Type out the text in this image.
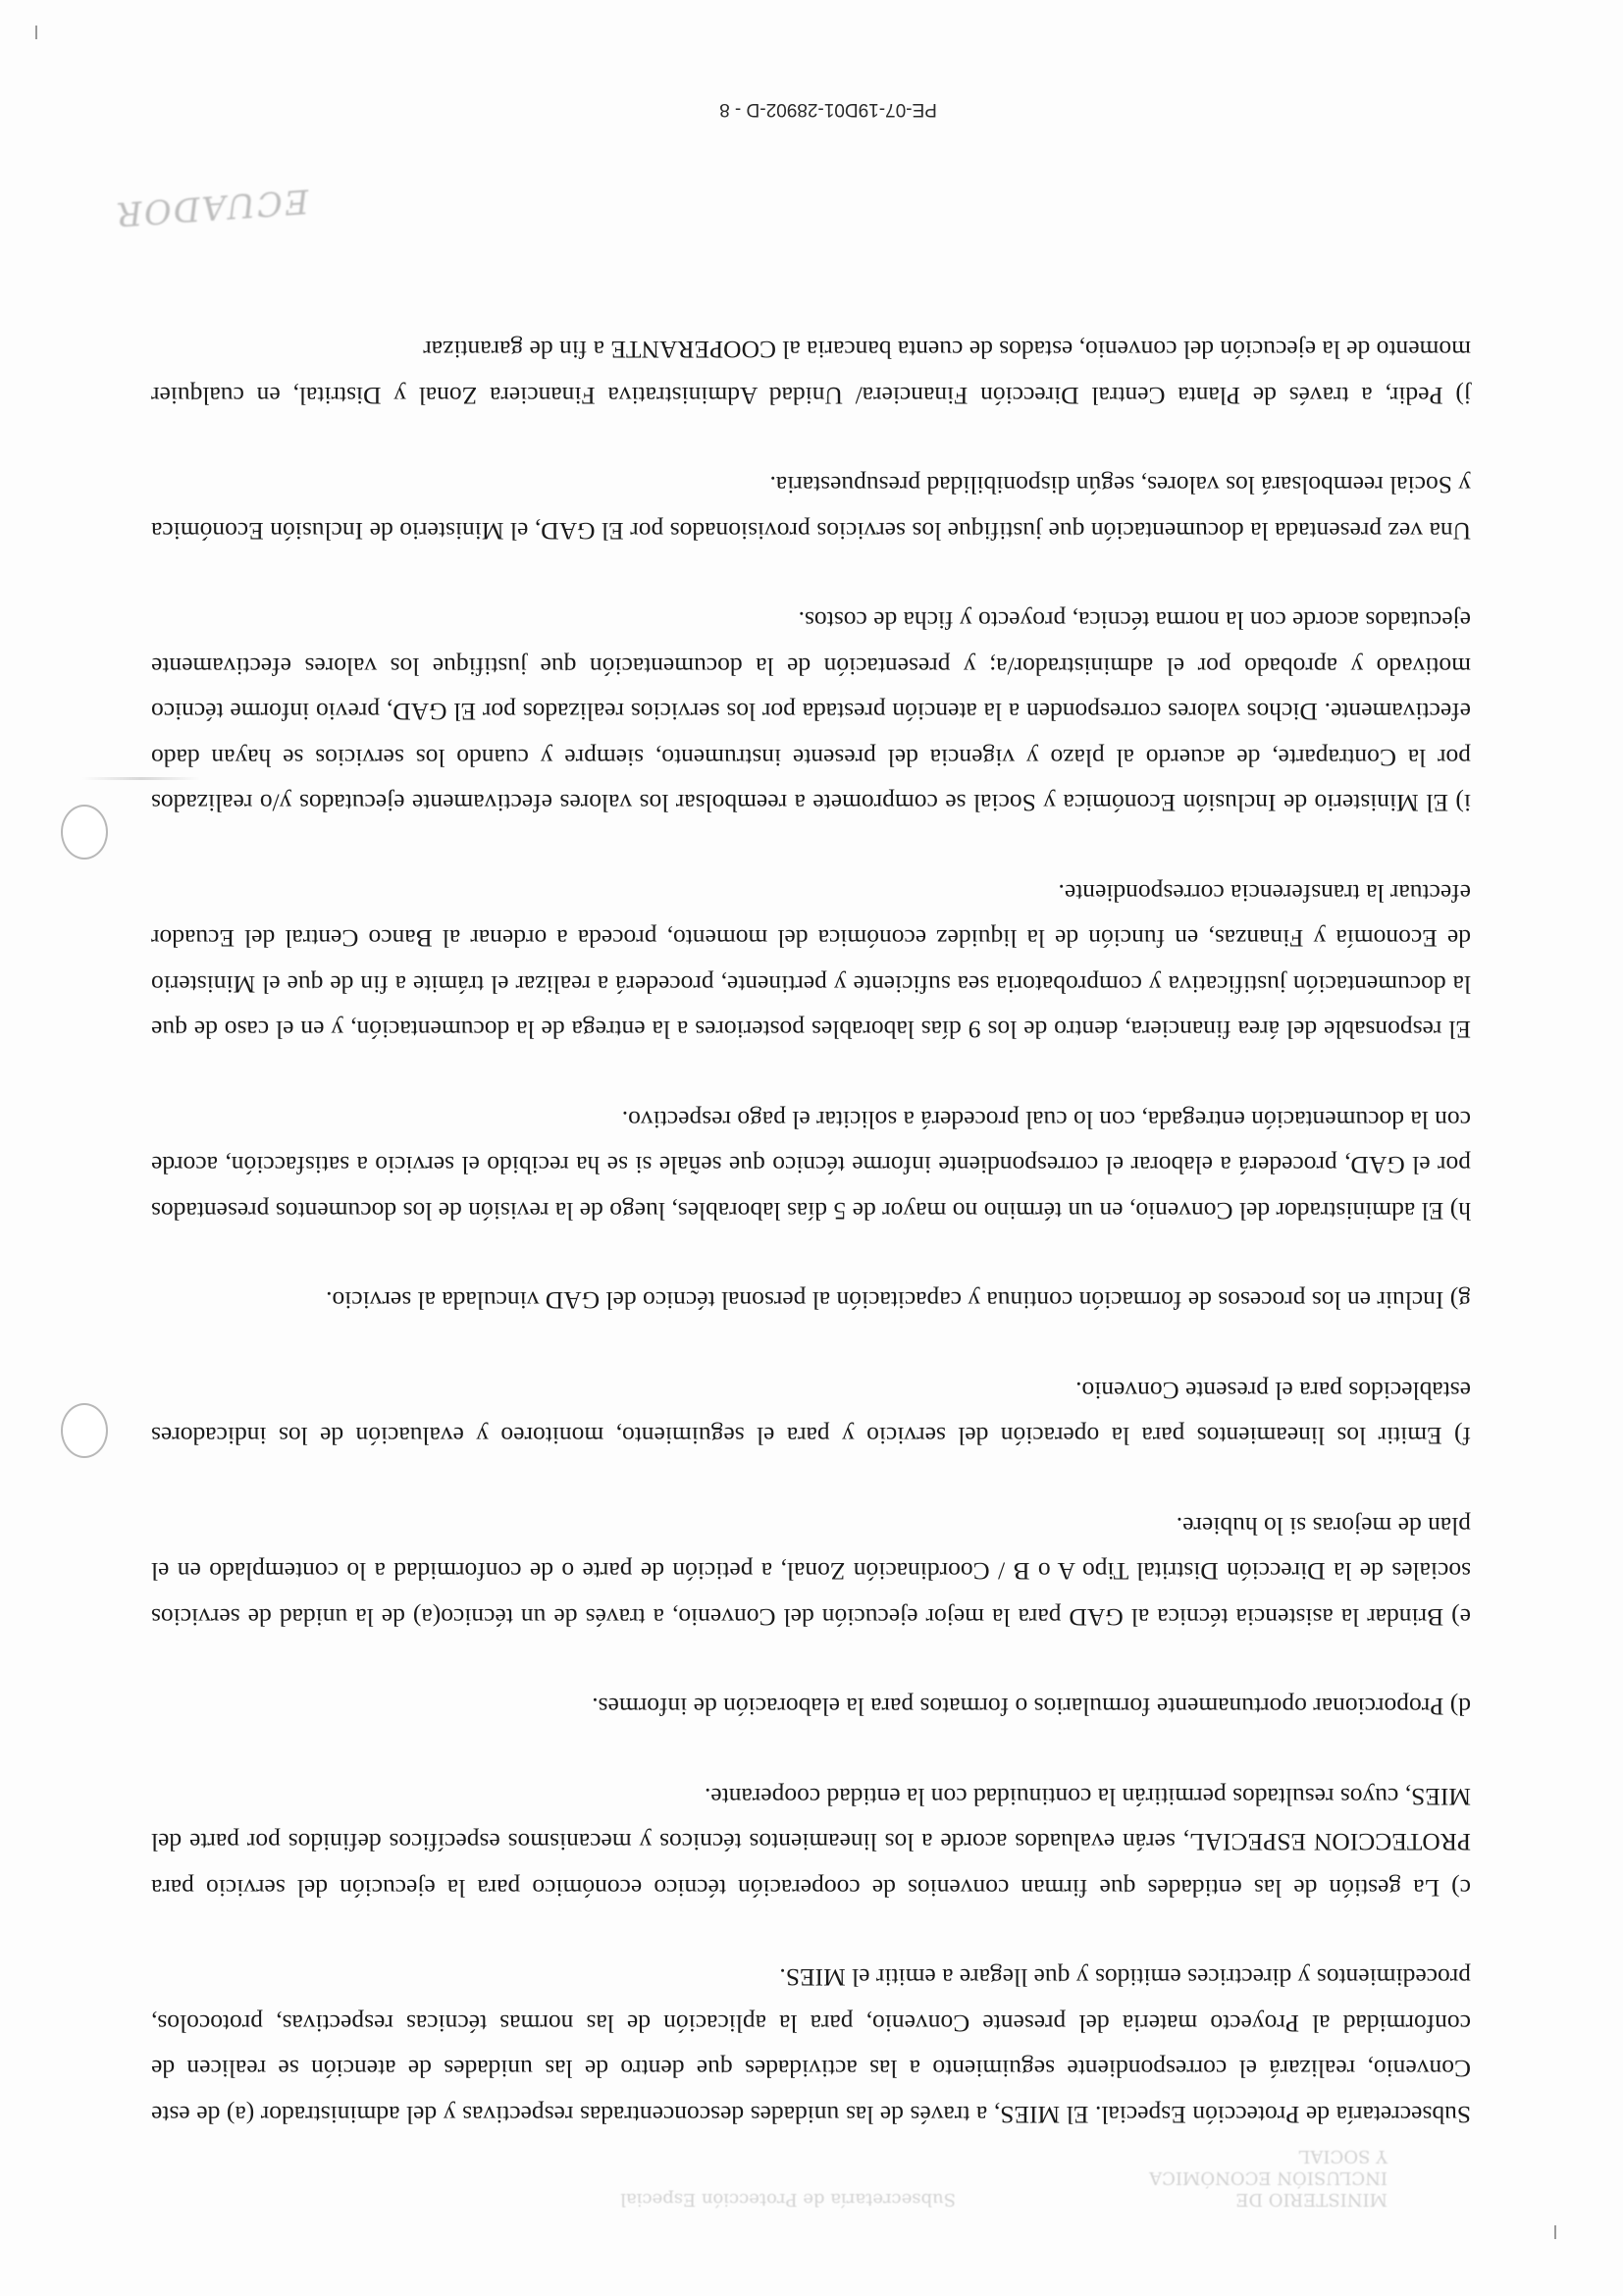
MINISTERIO DE INCLUSIÓN ECONÓMICA Y SOCIAL
Subsecretaría de Protección Especial

Subsecretaría de Protección Especial. El MIES, a través de las unidades desconcentradas respectivas y del administrador (a) de este Convenio, realizará el correspondiente seguimiento a las actividades que dentro de las unidades de atención se realicen de conformidad al Proyecto materia del presente Convenio, para la aplicación de las normas técnicas respectivas, protocolos, procedimientos y directrices emitidos y que llegare a emitir el MIES.

c) La gestión de las entidades que firman convenios de cooperación técnico económico para la ejecución del servicio para PROTECCION ESPECIAL, serán evaluados acorde a los lineamientos técnicos y mecanismos específicos definidos por parte del MIES, cuyos resultados permitirán la continuidad con la entidad cooperante.

d) Proporcionar oportunamente formularios o formatos para la elaboración de informes.

e) Brindar la asistencia técnica al GAD para la mejor ejecución del Convenio, a través de un técnico(a) de la unidad de servicios sociales de la Dirección Distrital Tipo A o B / Coordinación Zonal, a petición de parte o de conformidad a lo contemplado en el plan de mejoras si lo hubiere.

f) Emitir los lineamientos para la operación del servicio y para el seguimiento, monitoreo y evaluación de los indicadores establecidos para el presente Convenio.

g) Incluir en los procesos de formación continua y capacitación al personal técnico del GAD vinculada al servicio.

h) El administrador del Convenio, en un término no mayor de 5 días laborables, luego de la revisión de los documentos presentados por el GAD, procederá a elaborar el correspondiente informe técnico que señale si se ha recibido el servicio a satisfacción, acorde con la documentación entregada, con lo cual procederá a solicitar el pago respectivo.

El responsable del área financiera, dentro de los 9 días laborables posteriores a la entrega de la documentación, y en el caso de que la documentación justificativa y comprobatoria sea suficiente y pertinente, procederá a realizar el trámite a fin de que el Ministerio de Economía y Finanzas, en función de la liquidez económica del momento, proceda a ordenar al Banco Central del Ecuador efectuar la transferencia correspondiente.

i) El Ministerio de Inclusión Económica y Social se compromete a reembolsar los valores efectivamente ejecutados y/o realizados por la Contraparte, de acuerdo al plazo y vigencia del presente instrumento, siempre y cuando los servicios se hayan dado efectivamente. Dichos valores corresponden a la atención prestada por los servicios realizados por El GAD, previo informe técnico motivado y aprobado por el administrador/a; y presentación de la documentación que justifique los valores efectivamente ejecutados acorde con la norma técnica, proyecto y ficha de costos.

Una vez presentada la documentación que justifique los servicios provisionados por El GAD, el Ministerio de Inclusión Económica y Social reembolsará los valores, según disponibilidad presupuestaria.

j) Pedir, a través de Planta Central Dirección Financiera/ Unidad Administrativa Financiera Zonal y Distrital, en cualquier momento de la ejecución del convenio, estados de cuenta bancaria al COOPERANTE a fin de garantizar

ECUADOR
PE-07-19D01-28902-D - 8
